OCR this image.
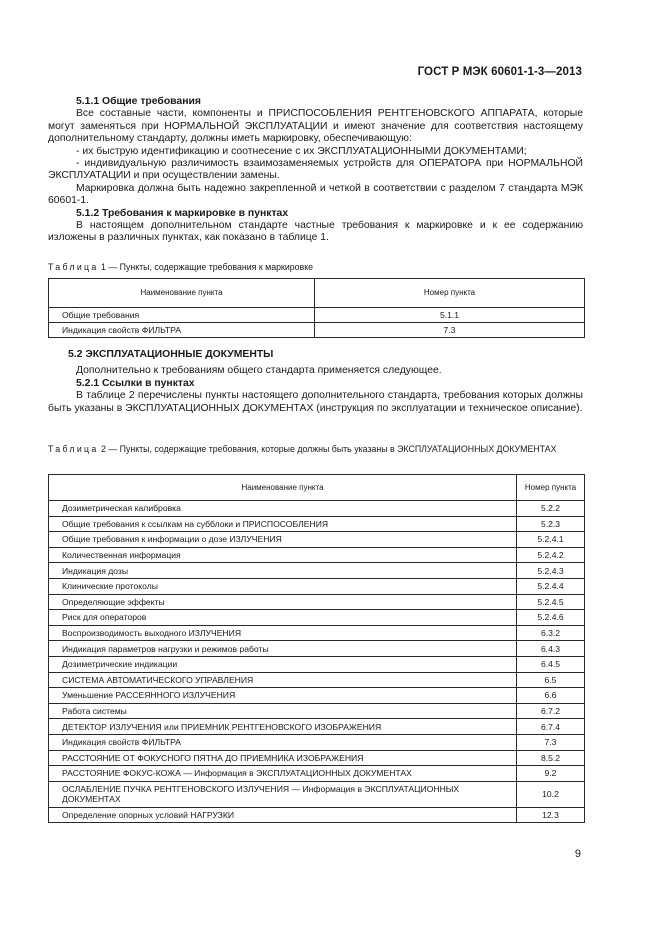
ГОСТ Р МЭК 60601-1-3—2013

5.1.1 Общие требования

Все составные части, компоненты и ПРИСПОСОБЛЕНИЯ РЕНТГЕНОВСКОГО АППАРАТА, которые могут заменяться при НОРМАЛЬНОЙ ЭКСПЛУАТАЦИИ и имеют значение для соответствия настоящему дополнительному стандарту, должны иметь маркировку, обеспечивающую:

- их быструю идентификацию и соотнесение с их ЭКСПЛУАТАЦИОННЫМИ ДОКУМЕНТАМИ;

- индивидуальную различимость взаимозаменяемых устройств для ОПЕРАТОРА при НОРМАЛЬНОЙ ЭКСПЛУАТАЦИИ и при осуществлении замены.

Маркировка должна быть надежно закрепленной и четкой в соответствии с разделом 7 стандарта МЭК 60601-1.

5.1.2 Требования к маркировке в пунктах

В настоящем дополнительном стандарте частные требования к маркировке и к ее содержанию изложены в различных пунктах, как показано в таблице 1.

Таблица 1 — Пункты, содержащие требования к маркировке
Наименование пункта	Номер пункта
Общие требования	5.1.1
Индикация свойств ФИЛЬТРА	7.3

5.2 ЭКСПЛУАТАЦИОННЫЕ ДОКУМЕНТЫ

Дополнительно к требованиям общего стандарта применяется следующее.

5.2.1 Ссылки в пунктах

В таблице 2 перечислены пункты настоящего дополнительного стандарта, требования которых должны быть указаны в ЭКСПЛУАТАЦИОННЫХ ДОКУМЕНТАХ (инструкция по эксплуатации и техническое описание).

Таблица 2 — Пункты, содержащие требования, которые должны быть указаны в ЭКСПЛУАТАЦИОННЫХ ДОКУМЕНТАХ
Наименование пункта	Номер пункта
Дозиметрическая калибровка	5.2.2
Общие требования к ссылкам на субблоки и ПРИСПОСОБЛЕНИЯ	5.2.3
Общие требования к информации о дозе ИЗЛУЧЕНИЯ	5.2.4.1
Количественная информация	5.2.4.2
Индикация дозы	5.2.4.3
Клинические протоколы	5.2.4.4
Определяющие эффекты	5.2.4.5
Риск для операторов	5.2.4.6
Воспроизводимость выходного ИЗЛУЧЕНИЯ	6.3.2
Индикация параметров нагрузки и режимов работы	6.4.3
Дозиметрические индикации	6.4.5
СИСТЕМА АВТОМАТИЧЕСКОГО УПРАВЛЕНИЯ	6.5
Уменьшение РАССЕЯННОГО ИЗЛУЧЕНИЯ	6.6
Работа системы	6.7.2
ДЕТЕКТОР ИЗЛУЧЕНИЯ или ПРИЕМНИК РЕНТГЕНОВСКОГО ИЗОБРАЖЕНИЯ	6.7.4
Индикация свойств ФИЛЬТРА	7.3
РАССТОЯНИЕ ОТ ФОКУСНОГО ПЯТНА ДО ПРИЕМНИКА ИЗОБРАЖЕНИЯ	8.5.2
РАССТОЯНИЕ ФОКУС-КОЖА — Информация в ЭКСПЛУАТАЦИОННЫХ ДОКУМЕНТАХ	9.2
ОСЛАБЛЕНИЕ ПУЧКА РЕНТГЕНОВСКОГО ИЗЛУЧЕНИЯ — Информация в ЭКСПЛУАТАЦИОННЫХ ДОКУМЕНТАХ	10.2
Определение опорных условий НАГРУЗКИ	12.3
9
